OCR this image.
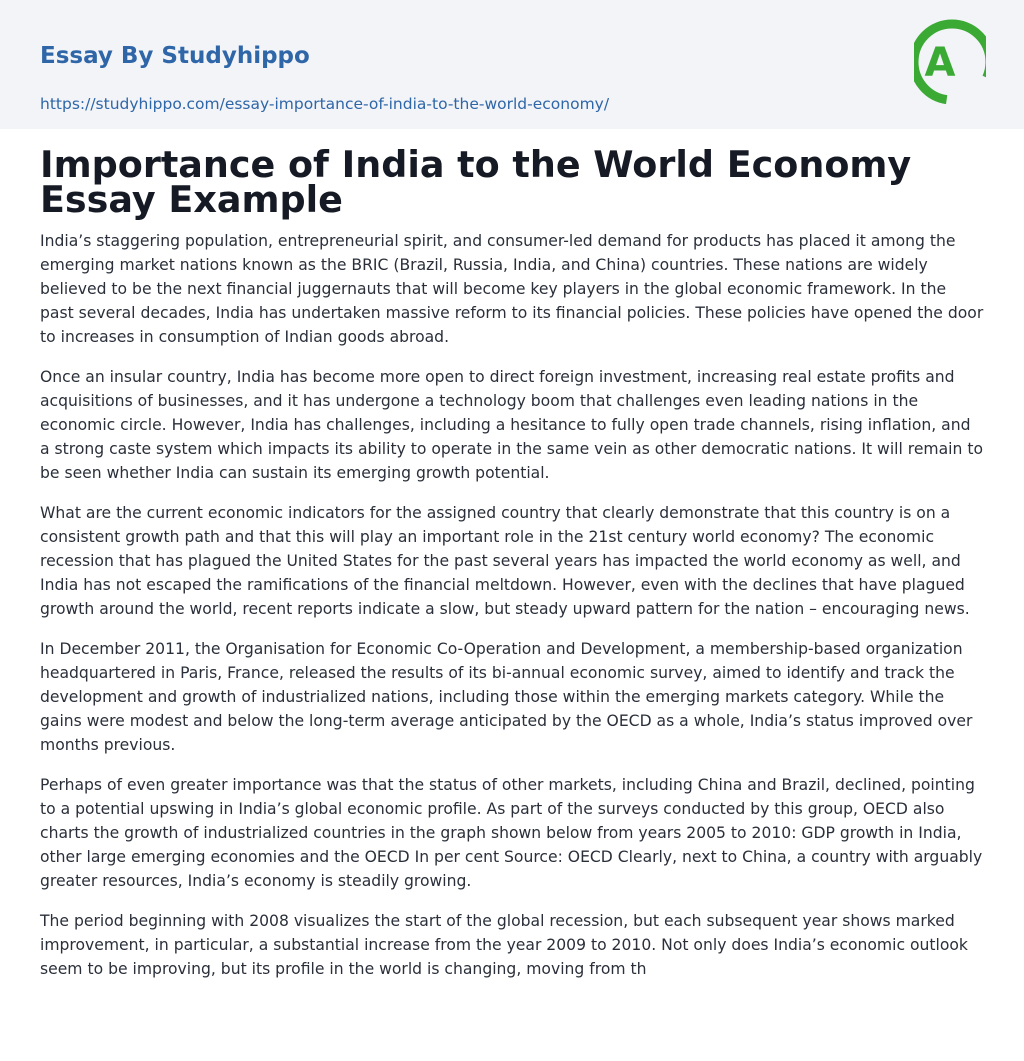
Essay By Studyhippo
https://studyhippo.com/essay-importance-of-india-to-the-world-economy/
A
Importance of India to the World Economy Essay Example

India’s staggering population, entrepreneurial spirit, and consumer-led demand for products has placed it among the emerging market nations known as the BRIC (Brazil, Russia, India, and China) countries. These nations are widely believed to be the next financial juggernauts that will become key players in the global economic framework. In the past several decades, India has undertaken massive reform to its financial policies. These policies have opened the door to increases in consumption of Indian goods abroad.

Once an insular country, India has become more open to direct foreign investment, increasing real estate profits and acquisitions of businesses, and it has undergone a technology boom that challenges even leading nations in the economic circle. However, India has challenges, including a hesitance to fully open trade channels, rising inflation, and a strong caste system which impacts its ability to operate in the same vein as other democratic nations. It will remain to be seen whether India can sustain its emerging growth potential.

What are the current economic indicators for the assigned country that clearly demonstrate that this country is on a consistent growth path and that this will play an important role in the 21st century world economy? The economic recession that has plagued the United States for the past several years has impacted the world economy as well, and India has not escaped the ramifications of the financial meltdown. However, even with the declines that have plagued growth around the world, recent reports indicate a slow, but steady upward pattern for the nation – encouraging news.

In December 2011, the Organisation for Economic Co-Operation and Development, a membership-based organization headquartered in Paris, France, released the results of its bi-annual economic survey, aimed to identify and track the development and growth of industrialized nations, including those within the emerging markets category. While the gains were modest and below the long-term average anticipated by the OECD as a whole, India’s status improved over months previous.

Perhaps of even greater importance was that the status of other markets, including China and Brazil, declined, pointing to a potential upswing in India’s global economic profile. As part of the surveys conducted by this group, OECD also charts the growth of industrialized countries in the graph shown below from years 2005 to 2010: GDP growth in India, other large emerging economies and the OECD In per cent Source: OECD Clearly, next to China, a country with arguably greater resources, India’s economy is steadily growing.

The period beginning with 2008 visualizes the start of the global recession, but each subsequent year shows marked improvement, in particular, a substantial increase from the year 2009 to 2010. Not only does India’s economic outlook seem to be improving, but its profile in the world is changing, moving from th
